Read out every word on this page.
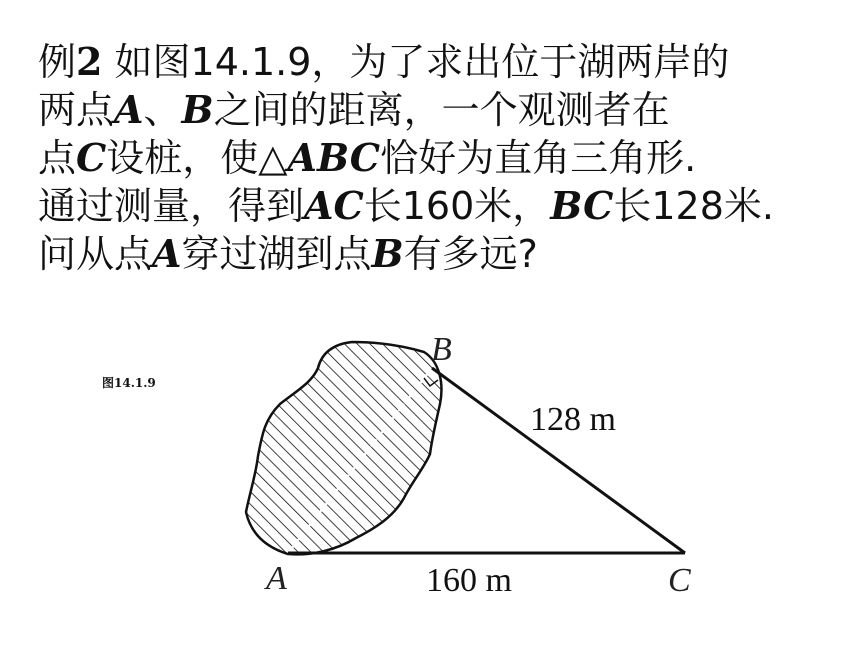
例2 如图14.1.9，为了求出位于湖两岸的
两点A、B之间的距离，一个观测者在
点C设桩，使△ABC恰好为直角三角形.
通过测量，得到AC长160米，BC长128米.
问从点A穿过湖到点B有多远?
图14.1.9
B
A	C
128 m
160 m
